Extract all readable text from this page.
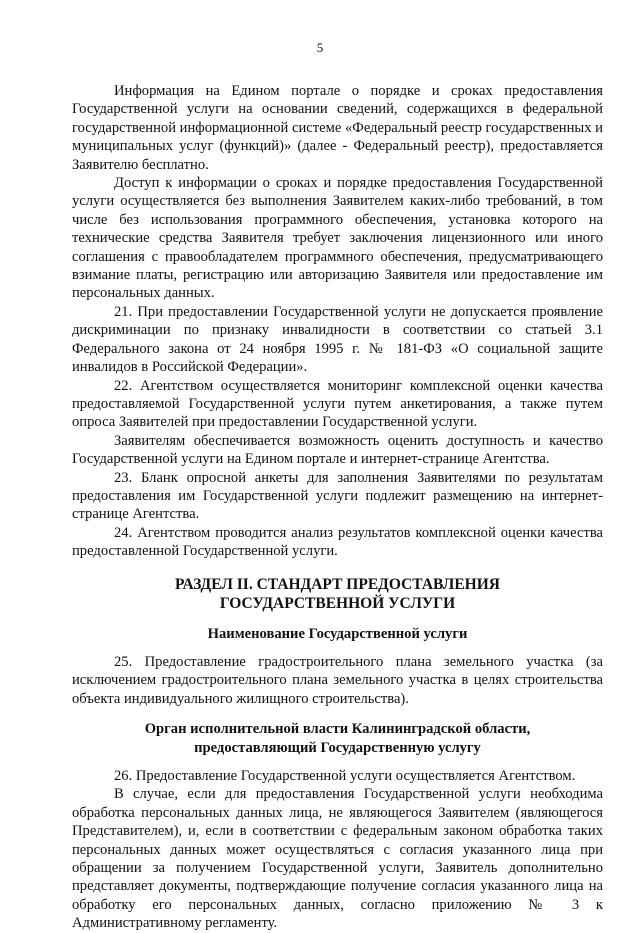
5

Информация на Едином портале о порядке и сроках предоставления Государственной услуги на основании сведений, содержащихся в федеральной государственной информационной системе «Федеральный реестр государственных и муниципальных услуг (функций)» (далее - Федеральный реестр), предоставляется Заявителю бесплатно.

Доступ к информации о сроках и порядке предоставления Государственной услуги осуществляется без выполнения Заявителем каких-либо требований, в том числе без использования программного обеспечения, установка которого на технические средства Заявителя требует заключения лицензионного или иного соглашения с правообладателем программного обеспечения, предусматривающего взимание платы, регистрацию или авторизацию Заявителя или предоставление им персональных данных.

21. При предоставлении Государственной услуги не допускается проявление дискриминации по признаку инвалидности в соответствии со статьей 3.1 Федерального закона от 24 ноября 1995 г. № 181-ФЗ «О социальной защите инвалидов в Российской Федерации».

22. Агентством осуществляется мониторинг комплексной оценки качества предоставляемой Государственной услуги путем анкетирования, а также путем опроса Заявителей при предоставлении Государственной услуги.

Заявителям обеспечивается возможность оценить доступность и качество Государственной услуги на Едином портале и интернет-странице Агентства.

23. Бланк опросной анкеты для заполнения Заявителями по результатам предоставления им Государственной услуги подлежит размещению на интернет-странице Агентства.

24. Агентством проводится анализ результатов комплексной оценки качества предоставленной Государственной услуги.

РАЗДЕЛ II. СТАНДАРТ ПРЕДОСТАВЛЕНИЯ
ГОСУДАРСТВЕННОЙ УСЛУГИ
Наименование Государственной услуги

25. Предоставление градостроительного плана земельного участка (за исключением градостроительного плана земельного участка в целях строительства объекта индивидуального жилищного строительства).

Орган исполнительной власти Калининградской области,
предоставляющий Государственную услугу

26. Предоставление Государственной услуги осуществляется Агентством.

В случае, если для предоставления Государственной услуги необходима обработка персональных данных лица, не являющегося Заявителем (являющегося Представителем), и, если в соответствии с федеральным законом обработка таких персональных данных может осуществляться с согласия указанного лица при обращении за получением Государственной услуги, Заявитель дополнительно представляет документы, подтверждающие получение согласия указанного лица на обработку его персональных данных, согласно приложению № 3 к Административному регламенту.
